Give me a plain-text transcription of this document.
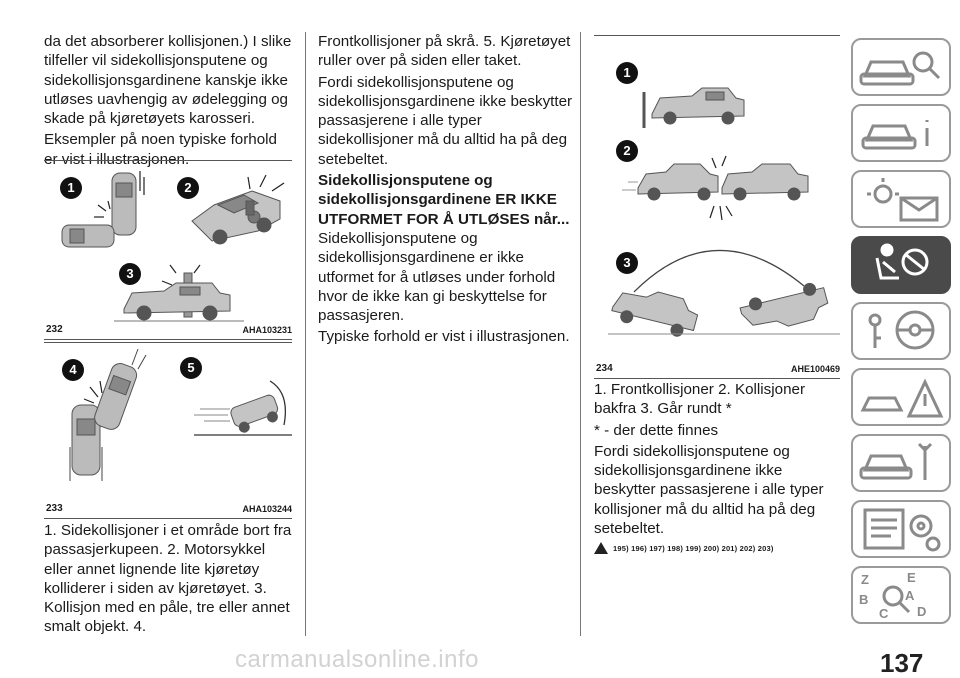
da det absorberer kollisjonen.) I slike tilfeller vil sidekollisjonsputene og sidekollisjonsgardinene kanskje ikke utløses uavhengig av ødelegging og skade på kjøretøyets karosseri.

Eksempler på noen typiske forhold er vist i illustrasjonen.

1	2
3
232	AHA103231
4	5
233	AHA103244

1. Sidekollisjoner i et område bort fra passasjerkupeen. 2. Motorsykkel eller annet lignende lite kjøretøy kolliderer i siden av kjøretøyet. 3. Kollisjon med en påle, tre eller annet smalt objekt. 4.

Frontkollisjoner på skrå. 5. Kjøretøyet ruller over på siden eller taket.

Fordi sidekollisjonsputene og sidekollisjonsgardinene ikke beskytter passasjerene i alle typer sidekollisjoner må du alltid ha på deg setebeltet.

Sidekollisjonsputene og sidekollisjonsgardinene ER IKKE UTFORMET FOR Å UTLØSES når...

Sidekollisjonsputene og sidekollisjonsgardinene er ikke utformet for å utløses under forhold hvor de ikke kan gi beskyttelse for passasjeren.

Typiske forhold er vist i illustrasjonen.

1
2
3
234	AHE100469

1. Frontkollisjoner 2. Kollisjoner bakfra 3. Går rundt *

* - der dette finnes

Fordi sidekollisjonsputene og sidekollisjonsgardinene ikke beskytter passasjerene i alle typer kollisjoner må du alltid ha på deg setebeltet.

195) 196) 197) 198) 199) 200) 201) 202) 203)
Z	E
A
B
C D
carmanualsonline.info	137
